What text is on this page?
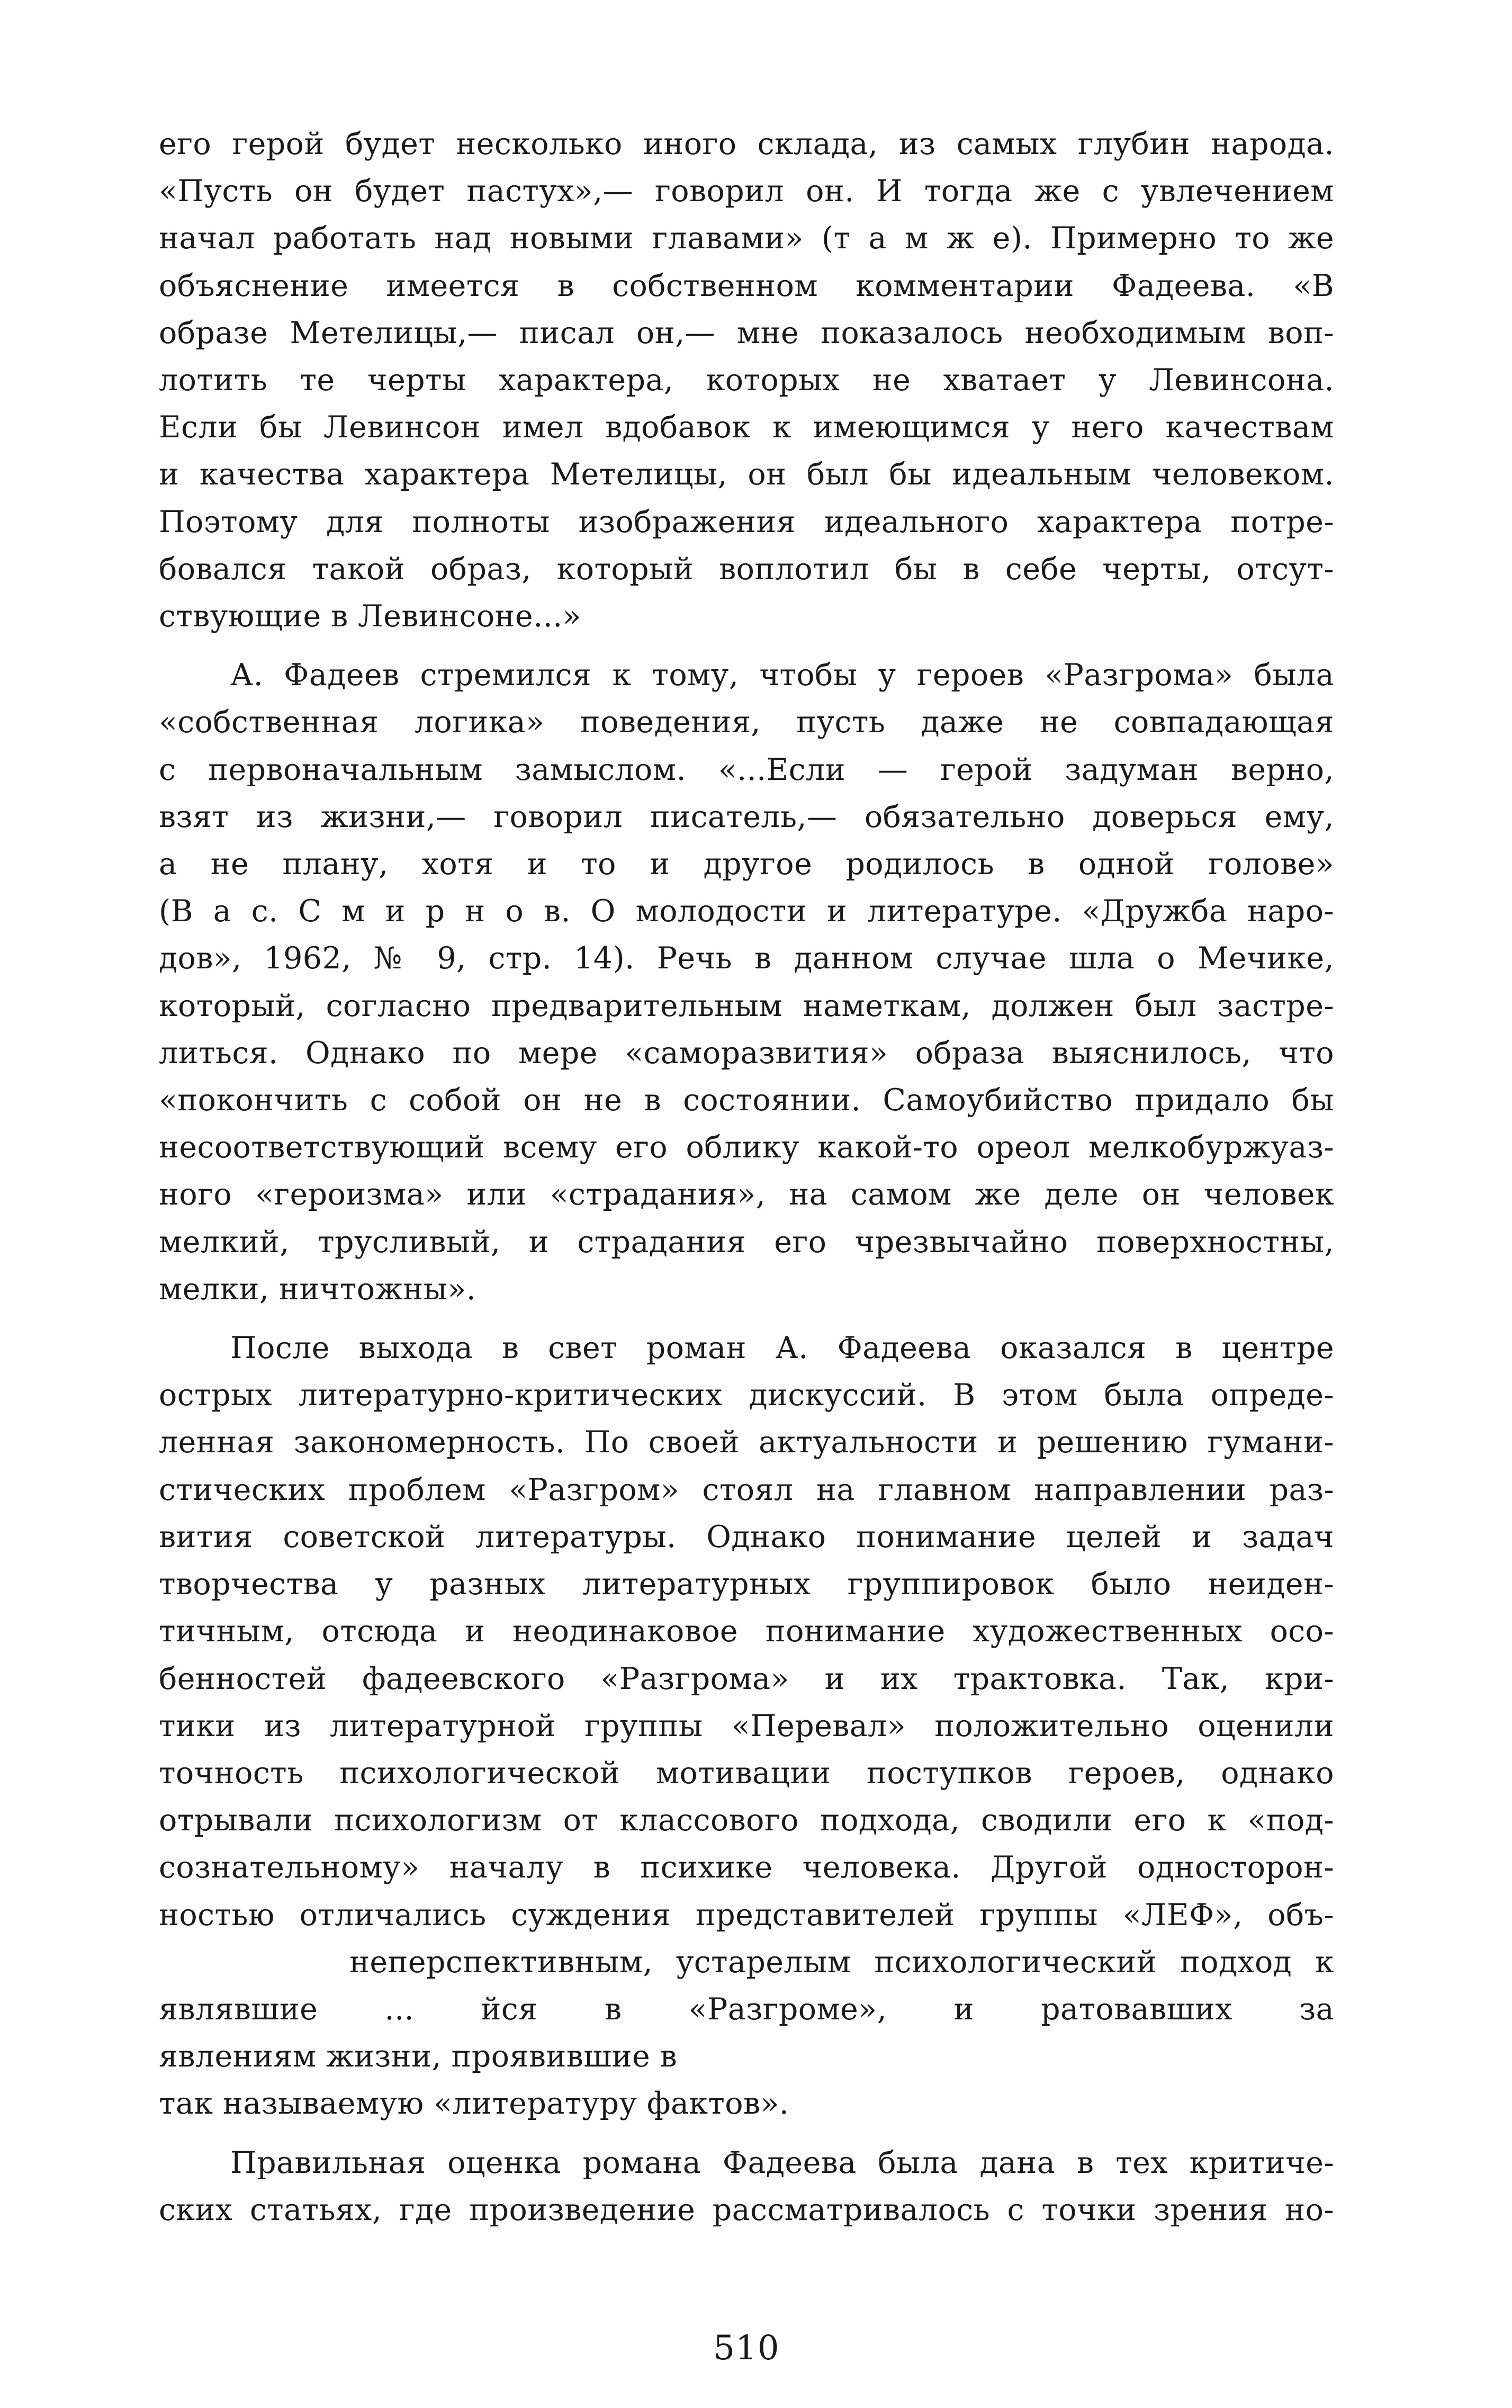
его герой будет несколько иного склада, из самых глубин народа.
«Пусть он будет пастух»,— говорил он. И тогда же с увлечением
начал работать над новыми главами» (т а м ж е). Примерно то же
объяснение имеется в собственном комментарии Фадеева. «В
образе Метелицы,— писал он,— мне показалось необходимым воп-
лотить те черты характера, которых не хватает у Левинсона.
Если бы Левинсон имел вдобавок к имеющимся у него качествам
и качества характера Метелицы, он был бы идеальным человеком.
Поэтому для полноты изображения идеального характера потре-
бовался такой образ, который воплотил бы в себе черты, отсут-
ствующие в Левинсоне...»

А. Фадеев стремился к тому, чтобы у героев «Разгрома» была
«собственная логика» поведения, пусть даже не совпадающая
с первоначальным замыслом. «...Если — герой задуман верно,
взят из жизни,— говорил писатель,— обязательно доверься ему,
а не плану, хотя и то и другое родилось в одной голове»
(В а с. С м и р н о в. О молодости и литературе. «Дружба наро-
дов», 1962, № 9, стр. 14). Речь в данном случае шла о Мечике,
который, согласно предварительным наметкам, должен был застре-
литься. Однако по мере «саморазвития» образа выяснилось, что
«покончить с собой он не в состоянии. Самоубийство придало бы
несоответствующий всему его облику какой-то ореол мелкобуржуаз-
ного «героизма» или «страдания», на самом же деле он человек
мелкий, трусливый, и страдания его чрезвычайно поверхностны,
мелки, ничтожны».

После выхода в свет роман А. Фадеева оказался в центре
острых литературно-критических дискуссий. В этом была опреде-
ленная закономерность. По своей актуальности и решению гумани-
стических проблем «Разгром» стоял на главном направлении раз-
вития советской литературы. Однако понимание целей и задач
творчества у разных литературных группировок было неиден-
тичным, отсюда и неодинаковое понимание художественных осо-
бенностей фадеевского «Разгрома» и их трактовка. Так, кри-
тики из литературной группы «Перевал» положительно оценили
точность психологической мотивации поступков героев, однако
отрывали психологизм от классового подхода, сводили его к «под-
сознательному» началу в психике человека. Другой односторон-
ностью отличались суждения представителей группы «ЛЕФ», объ-

неперспективным, устарелым психологический подход к
являвшие ... йся в «Разгроме», и ратовавших за
явлениям жизни, проявившие в
так называемую «литературу фактов».

Правильная оценка романа Фадеева была дана в тех критиче-
ских статьях, где произведение рассматривалось с точки зрения но-

510
